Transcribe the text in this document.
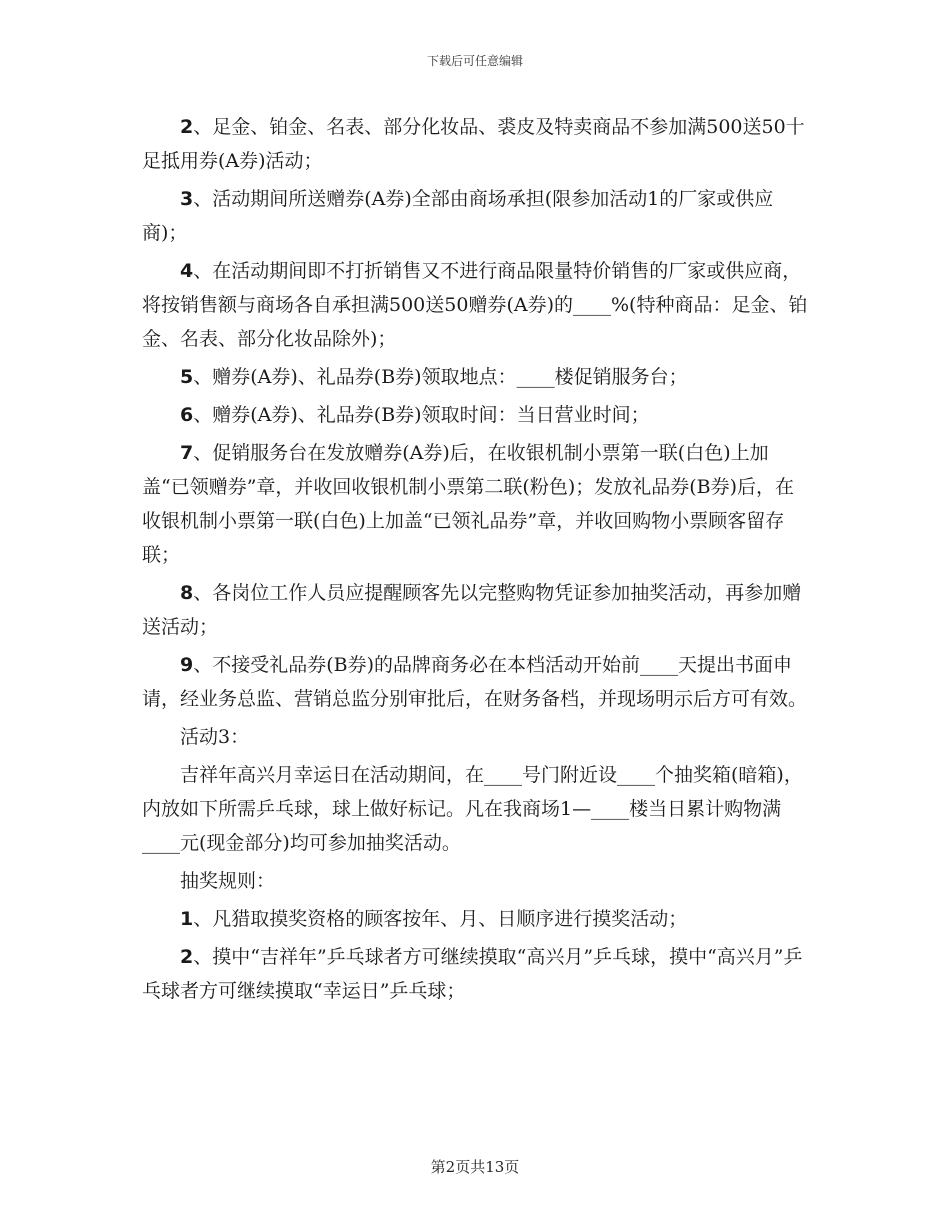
下载后可任意编辑

2、足金、铂金、名表、部分化妆品、裘皮及特卖商品不参加满500送50十足抵用券(A券)活动；

3、活动期间所送赠券(A券)全部由商场承担(限参加活动1的厂家或供应商)；

4、在活动期间即不打折销售又不进行商品限量特价销售的厂家或供应商，将按销售额与商场各自承担满500送50赠券(A券)的____%(特种商品：足金、铂金、名表、部分化妆品除外)；

5、赠券(A券)、礼品券(B券)领取地点：____楼促销服务台；

6、赠券(A券)、礼品券(B券)领取时间：当日营业时间；

7、促销服务台在发放赠券(A券)后，在收银机制小票第一联(白色)上加盖“已领赠券”章，并收回收银机制小票第二联(粉色)；发放礼品券(B券)后，在收银机制小票第一联(白色)上加盖“已领礼品券”章，并收回购物小票顾客留存联；

8、各岗位工作人员应提醒顾客先以完整购物凭证参加抽奖活动，再参加赠送活动；

9、不接受礼品券(B券)的品牌商务必在本档活动开始前____天提出书面申请，经业务总监、营销总监分别审批后，在财务备档，并现场明示后方可有效。

活动3：

吉祥年高兴月幸运日在活动期间，在____号门附近设____个抽奖箱(暗箱)，内放如下所需乒乓球，球上做好标记。凡在我商场1—____楼当日累计购物满____元(现金部分)均可参加抽奖活动。

抽奖规则：

1、凡猎取摸奖资格的顾客按年、月、日顺序进行摸奖活动；

2、摸中“吉祥年”乒乓球者方可继续摸取“高兴月”乒乓球，摸中“高兴月”乒乓球者方可继续摸取“幸运日”乒乓球；

第2页共13页
